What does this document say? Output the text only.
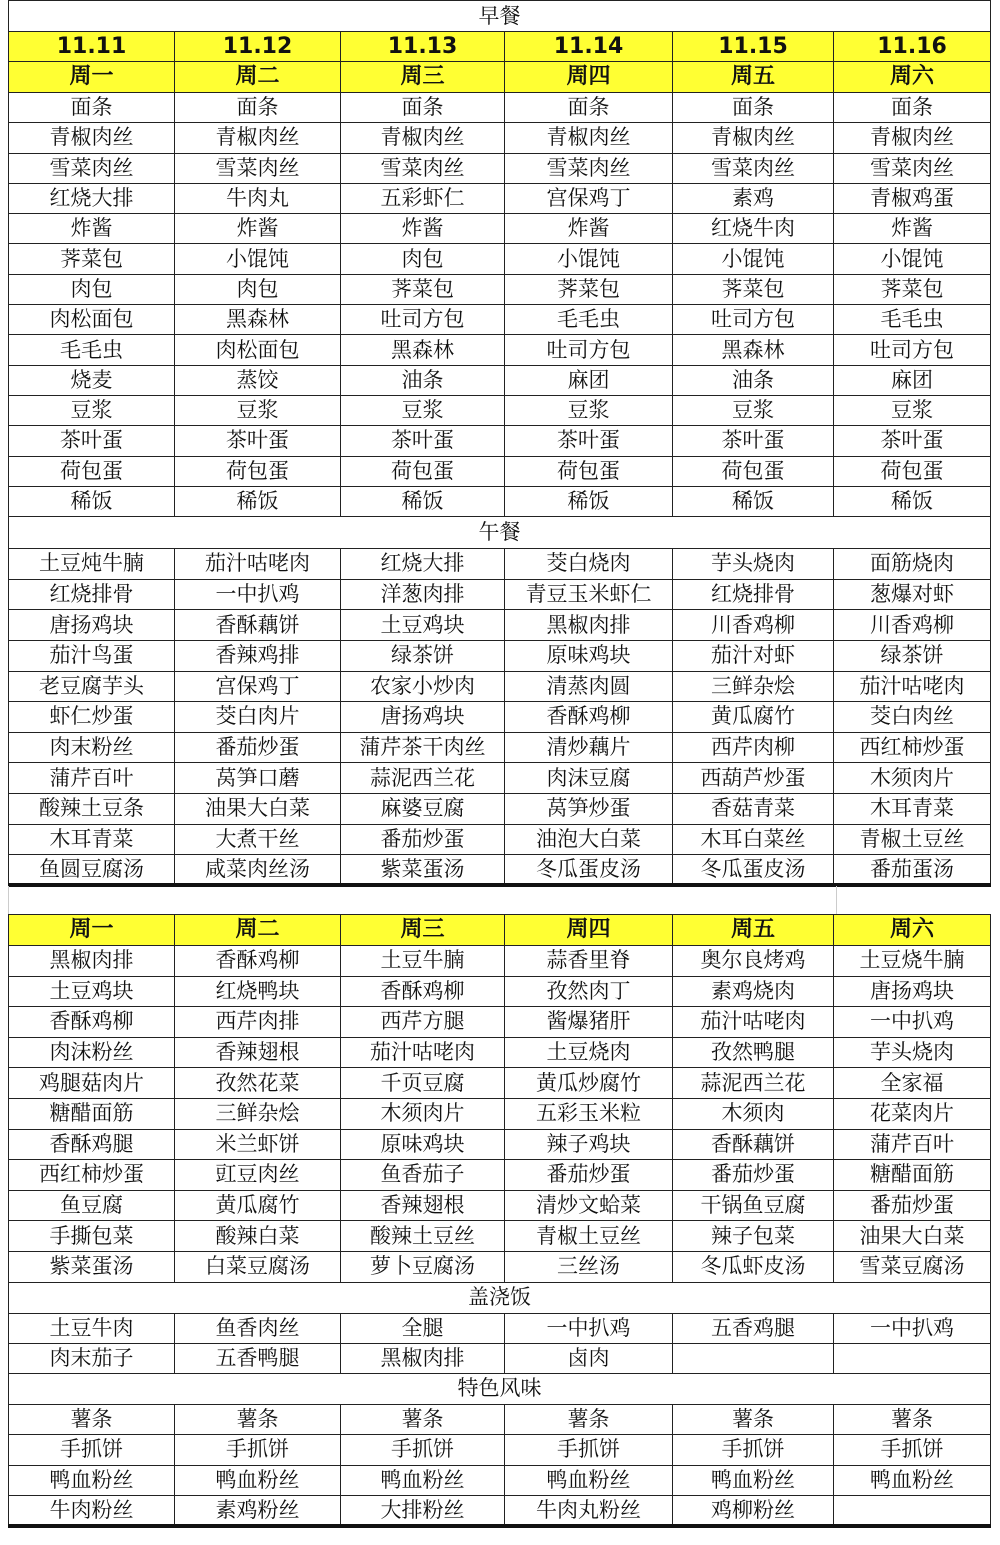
早餐					
11.11	11.12	11.13	11.14	11.15	11.16
周一	周二	周三	周四	周五	周六
面条	面条	面条	面条	面条	面条
青椒肉丝	青椒肉丝	青椒肉丝	青椒肉丝	青椒肉丝	青椒肉丝
雪菜肉丝	雪菜肉丝	雪菜肉丝	雪菜肉丝	雪菜肉丝	雪菜肉丝
红烧大排	牛肉丸	五彩虾仁	宫保鸡丁	素鸡	青椒鸡蛋
炸酱	炸酱	炸酱	炸酱	红烧牛肉	炸酱
荠菜包	小馄饨	肉包	小馄饨	小馄饨	小馄饨
肉包	肉包	荠菜包	荠菜包	荠菜包	荠菜包
肉松面包	黑森林	吐司方包	毛毛虫	吐司方包	毛毛虫
毛毛虫	肉松面包	黑森林	吐司方包	黑森林	吐司方包
烧麦	蒸饺	油条	麻团	油条	麻团
豆浆	豆浆	豆浆	豆浆	豆浆	豆浆
茶叶蛋	茶叶蛋	茶叶蛋	茶叶蛋	茶叶蛋	茶叶蛋
荷包蛋	荷包蛋	荷包蛋	荷包蛋	荷包蛋	荷包蛋
稀饭	稀饭	稀饭	稀饭	稀饭	稀饭
午餐					
土豆炖牛腩	茄汁咕咾肉	红烧大排	茭白烧肉	芋头烧肉	面筋烧肉
红烧排骨	一中扒鸡	洋葱肉排	青豆玉米虾仁	红烧排骨	葱爆对虾
唐扬鸡块	香酥藕饼	土豆鸡块	黑椒肉排	川香鸡柳	川香鸡柳
茄汁鸟蛋	香辣鸡排	绿茶饼	原味鸡块	茄汁对虾	绿茶饼
老豆腐芋头	宫保鸡丁	农家小炒肉	清蒸肉圆	三鲜杂烩	茄汁咕咾肉
虾仁炒蛋	茭白肉片	唐扬鸡块	香酥鸡柳	黄瓜腐竹	茭白肉丝
肉末粉丝	番茄炒蛋	蒲芹茶干肉丝	清炒藕片	西芹肉柳	西红柿炒蛋
蒲芹百叶	莴笋口蘑	蒜泥西兰花	肉沫豆腐	西葫芦炒蛋	木须肉片
酸辣土豆条	油果大白菜	麻婆豆腐	莴笋炒蛋	香菇青菜	木耳青菜
木耳青菜	大煮干丝	番茄炒蛋	油泡大白菜	木耳白菜丝	青椒土豆丝
鱼圆豆腐汤	咸菜肉丝汤	紫菜蛋汤	冬瓜蛋皮汤	冬瓜蛋皮汤	番茄蛋汤
周一	周二	周三	周四	周五	周六
黑椒肉排	香酥鸡柳	土豆牛腩	蒜香里脊	奥尔良烤鸡	土豆烧牛腩
土豆鸡块	红烧鸭块	香酥鸡柳	孜然肉丁	素鸡烧肉	唐扬鸡块
香酥鸡柳	西芹肉排	西芹方腿	酱爆猪肝	茄汁咕咾肉	一中扒鸡
肉沫粉丝	香辣翅根	茄汁咕咾肉	土豆烧肉	孜然鸭腿	芋头烧肉
鸡腿菇肉片	孜然花菜	千页豆腐	黄瓜炒腐竹	蒜泥西兰花	全家福
糖醋面筋	三鲜杂烩	木须肉片	五彩玉米粒	木须肉	花菜肉片
香酥鸡腿	米兰虾饼	原味鸡块	辣子鸡块	香酥藕饼	蒲芹百叶
西红柿炒蛋	豇豆肉丝	鱼香茄子	番茄炒蛋	番茄炒蛋	糖醋面筋
鱼豆腐	黄瓜腐竹	香辣翅根	清炒文蛤菜	干锅鱼豆腐	番茄炒蛋
手撕包菜	酸辣白菜	酸辣土豆丝	青椒土豆丝	辣子包菜	油果大白菜
紫菜蛋汤	白菜豆腐汤	萝卜豆腐汤	三丝汤	冬瓜虾皮汤	雪菜豆腐汤
盖浇饭					
土豆牛肉	鱼香肉丝	全腿	一中扒鸡	五香鸡腿	一中扒鸡
肉末茄子	五香鸭腿	黑椒肉排	卤肉		
特色风味					
薯条	薯条	薯条	薯条	薯条	薯条
手抓饼	手抓饼	手抓饼	手抓饼	手抓饼	手抓饼
鸭血粉丝	鸭血粉丝	鸭血粉丝	鸭血粉丝	鸭血粉丝	鸭血粉丝
牛肉粉丝	素鸡粉丝	大排粉丝	牛肉丸粉丝	鸡柳粉丝	
